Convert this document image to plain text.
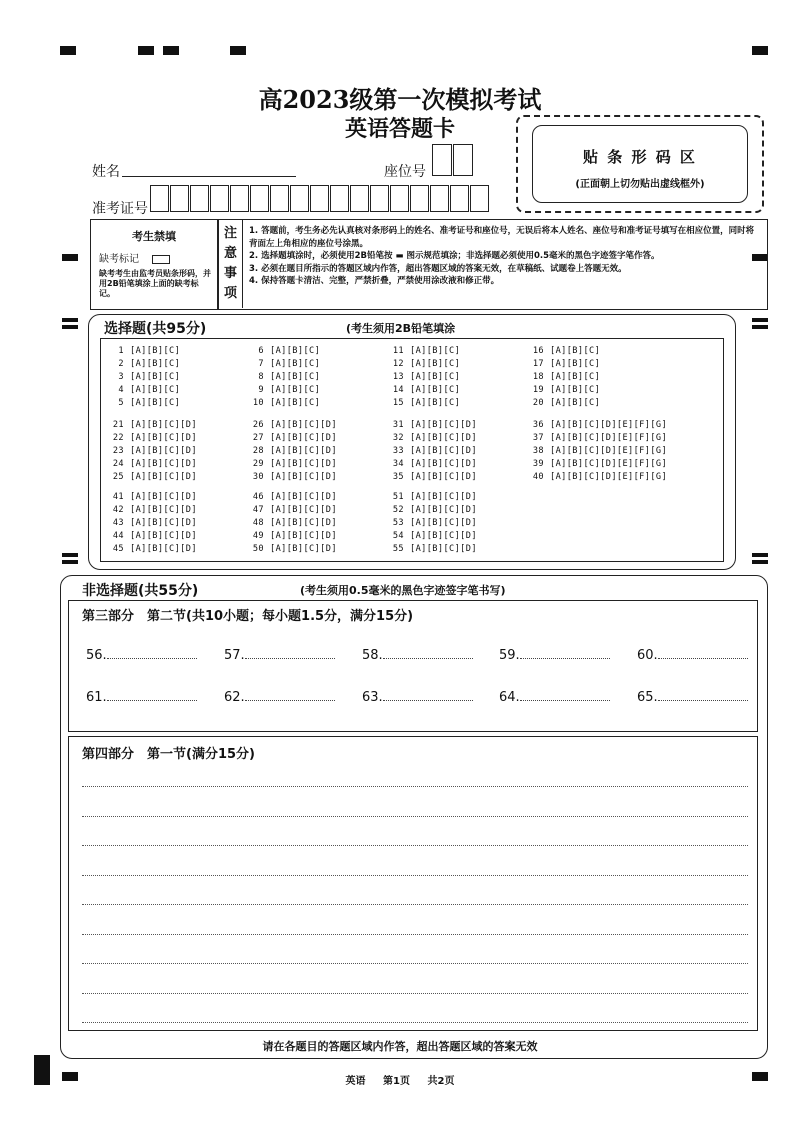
高2023级第一次模拟考试
英语答题卡
贴 条 形 码 区
(正面朝上切勿贴出虚线框外)
姓名	座位号
准考证号
考生禁填
缺考标记
缺考考生由监考员贴条形码，并用2B铅笔填涂上面的缺考标记。
注
意
事
项
1. 答题前，考生务必先认真核对条形码上的姓名、准考证号和座位号，无误后将本人姓名、座位号和准考证号填写在相应位置，同时将背面左上角相应的座位号涂黑。
2. 选择题填涂时，必须使用2B铅笔按 ▬ 图示规范填涂；非选择题必须使用0.5毫米的黑色字迹签字笔作答。
3. 必须在题目所指示的答题区域内作答，超出答题区域的答案无效，在草稿纸、试题卷上答题无效。
4. 保持答题卡清洁、完整，严禁折叠，严禁使用涂改液和修正带。
选择题(共95分)	(考生须用2B铅笔填涂
1 [A][B][C]
2 [A][B][C]
3 [A][B][C]
4 [A][B][C]
5 [A][B][C]
6 [A][B][C]
7 [A][B][C]
8 [A][B][C]
9 [A][B][C]
10 [A][B][C]
11 [A][B][C]
12 [A][B][C]
13 [A][B][C]
14 [A][B][C]
15 [A][B][C]
16 [A][B][C]
17 [A][B][C]
18 [A][B][C]
19 [A][B][C]
20 [A][B][C]
21 [A][B][C][D]
22 [A][B][C][D]
23 [A][B][C][D]
24 [A][B][C][D]
25 [A][B][C][D]
26 [A][B][C][D]
27 [A][B][C][D]
28 [A][B][C][D]
29 [A][B][C][D]
30 [A][B][C][D]
31 [A][B][C][D]
32 [A][B][C][D]
33 [A][B][C][D]
34 [A][B][C][D]
35 [A][B][C][D]
36 [A][B][C][D][E][F][G]
37 [A][B][C][D][E][F][G]
38 [A][B][C][D][E][F][G]
39 [A][B][C][D][E][F][G]
40 [A][B][C][D][E][F][G]
41 [A][B][C][D]
42 [A][B][C][D]
43 [A][B][C][D]
44 [A][B][C][D]
45 [A][B][C][D]
46 [A][B][C][D]
47 [A][B][C][D]
48 [A][B][C][D]
49 [A][B][C][D]
50 [A][B][C][D]
51 [A][B][C][D]
52 [A][B][C][D]
53 [A][B][C][D]
54 [A][B][C][D]
55 [A][B][C][D]
非选择题(共55分)	(考生须用0.5毫米的黑色字迹签字笔书写)
第三部分　第二节(共10小题；每小题1.5分，满分15分)
56.	57.	58.	59.	60.
61.	62.	63.	64.	65.
第四部分　第一节(满分15分)
请在各题目的答题区域内作答，超出答题区域的答案无效
英语 第1页 共2页
